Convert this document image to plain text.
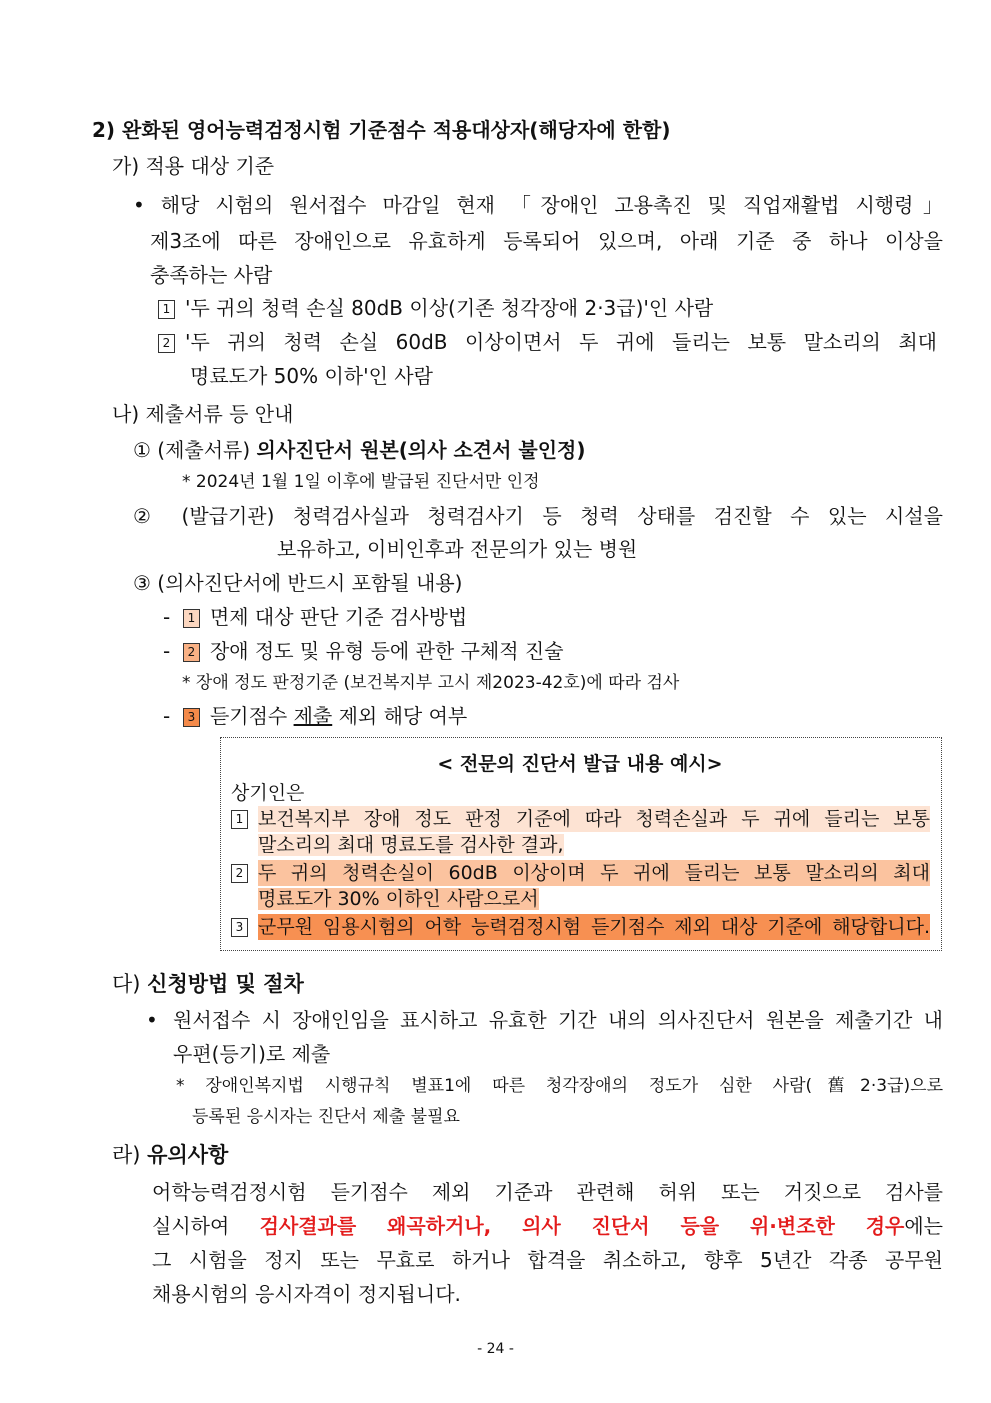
2) 완화된 영어능력검정시험 기준점수 적용대상자(해당자에 한함)
가) 적용 대상 기준
• 해당 시험의 원서접수 마감일 현재 「장애인 고용촉진 및 직업재활법 시행령」
제3조에 따른 장애인으로 유효하게 등록되어 있으며, 아래 기준 중 하나 이상을
충족하는 사람
1 '두 귀의 청력 손실 80dB 이상(기존 청각장애 2·3급)'인 사람
2 '두 귀의 청력 손실 60dB 이상이면서 두 귀에 들리는 보통 말소리의 최대
명료도가 50% 이하'인 사람
나) 제출서류 등 안내
① (제출서류) 의사진단서 원본(의사 소견서 불인정)
* 2024년 1월 1일 이후에 발급된 진단서만 인정
② (발급기관) 청력검사실과 청력검사기 등 청력 상태를 검진할 수 있는 시설을
보유하고, 이비인후과 전문의가 있는 병원
③ (의사진단서에 반드시 포함될 내용)
- 1 면제 대상 판단 기준 검사방법
- 2 장애 정도 및 유형 등에 관한 구체적 진술
* 장애 정도 판정기준 (보건복지부 고시 제2023-42호)에 따라 검사
- 3 듣기점수 제출 제외 해당 여부
< 전문의 진단서 발급 내용 예시>
상기인은
1 보건복지부 장애 정도 판정 기준에 따라 청력손실과 두 귀에 들리는 보통
말소리의 최대 명료도를 검사한 결과,
2 두 귀의 청력손실이 60dB 이상이며 두 귀에 들리는 보통 말소리의 최대
명료도가 30% 이하인 사람으로서
3 군무원 임용시험의 어학 능력검정시험 듣기점수 제외 대상 기준에 해당합니다.
다) 신청방법 및 절차
• 원서접수 시 장애인임을 표시하고 유효한 기간 내의 의사진단서 원본을 제출기간 내
우편(등기)로 제출
* 장애인복지법 시행규칙 별표1에 따른 청각장애의 정도가 심한 사람(舊2·3급)으로
등록된 응시자는 진단서 제출 불필요
라) 유의사항
어학능력검정시험 듣기점수 제외 기준과 관련해 허위 또는 거짓으로 검사를
실시하여 검사결과를 왜곡하거나, 의사 진단서 등을 위·변조한 경우에는
그 시험을 정지 또는 무효로 하거나 합격을 취소하고, 향후 5년간 각종 공무원
채용시험의 응시자격이 정지됩니다.
- 24 -
